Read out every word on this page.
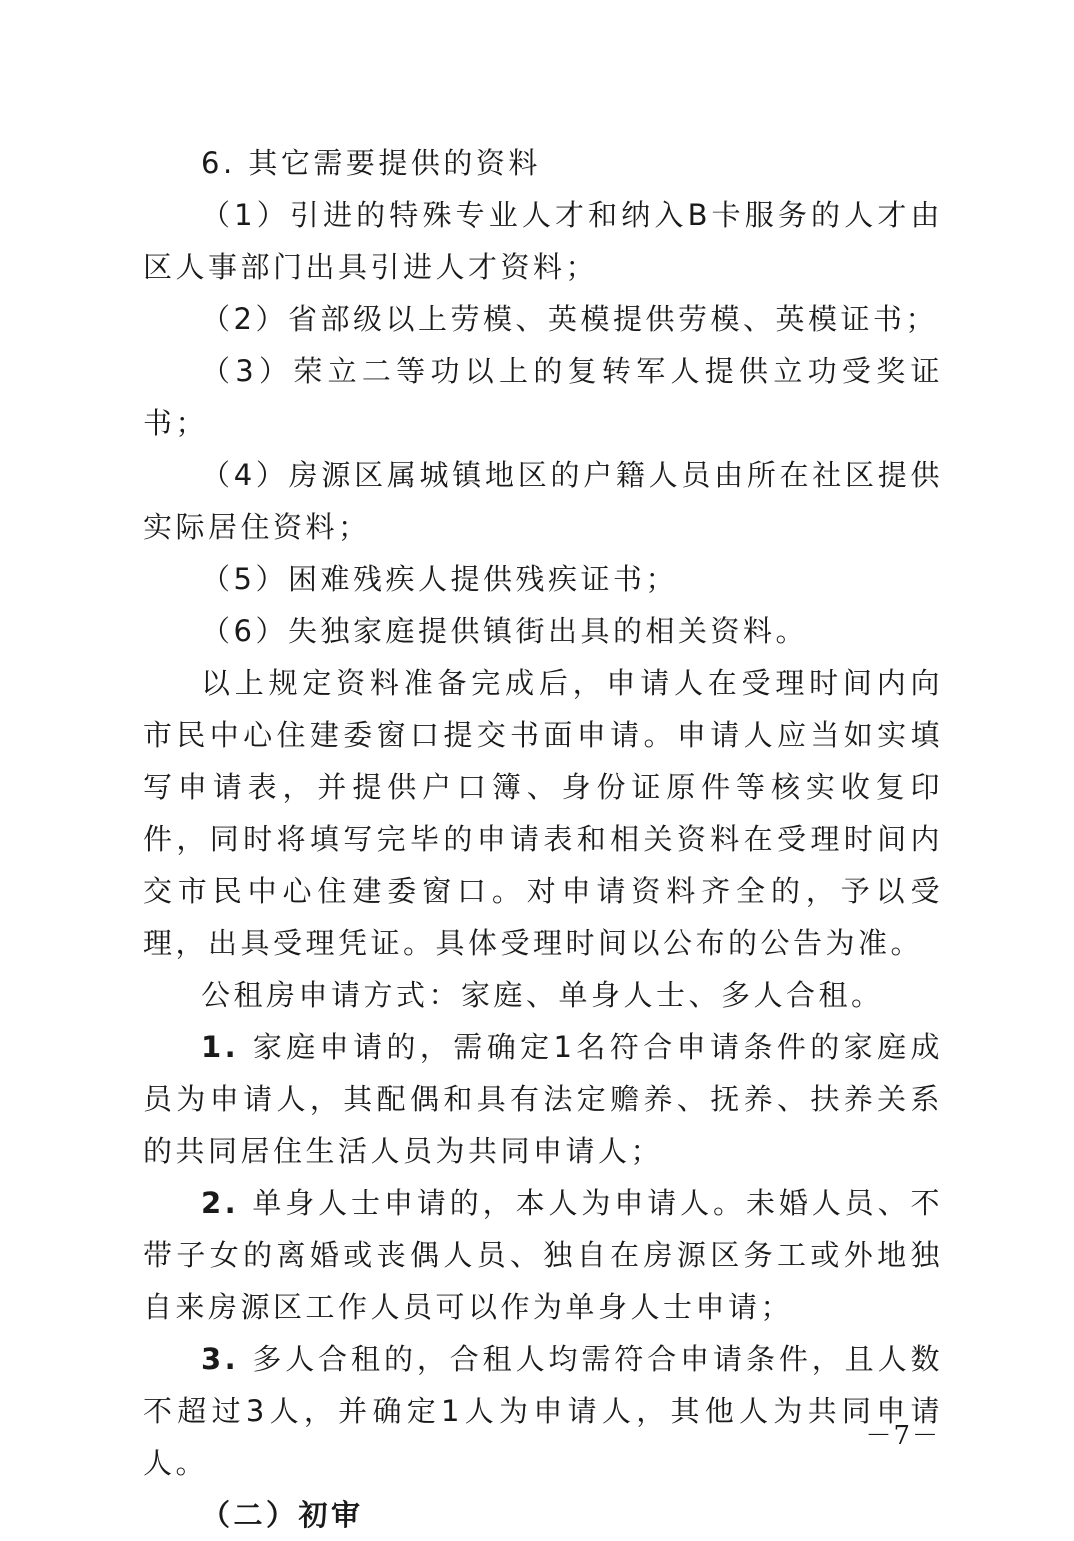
6. 其它需要提供的资料

（1）引进的特殊专业人才和纳入B卡服务的人才由区人事部门出具引进人才资料；

（2）省部级以上劳模、英模提供劳模、英模证书；

（3）荣立二等功以上的复转军人提供立功受奖证书；

（4）房源区属城镇地区的户籍人员由所在社区提供实际居住资料；

（5）困难残疾人提供残疾证书；

（6）失独家庭提供镇街出具的相关资料。

以上规定资料准备完成后，申请人在受理时间内向市民中心住建委窗口提交书面申请。申请人应当如实填写申请表，并提供户口簿、身份证原件等核实收复印件，同时将填写完毕的申请表和相关资料在受理时间内交市民中心住建委窗口。对申请资料齐全的，予以受理，出具受理凭证。具体受理时间以公布的公告为准。

公租房申请方式：家庭、单身人士、多人合租。

1. 家庭申请的，需确定1名符合申请条件的家庭成员为申请人，其配偶和具有法定赡养、抚养、扶养关系的共同居住生活人员为共同申请人；

2. 单身人士申请的，本人为申请人。未婚人员、不带子女的离婚或丧偶人员、独自在房源区务工或外地独自来房源区工作人员可以作为单身人士申请；

3. 多人合租的，合租人均需符合申请条件，且人数不超过3人，并确定1人为申请人，其他人为共同申请人。

（二）初审

－7－
